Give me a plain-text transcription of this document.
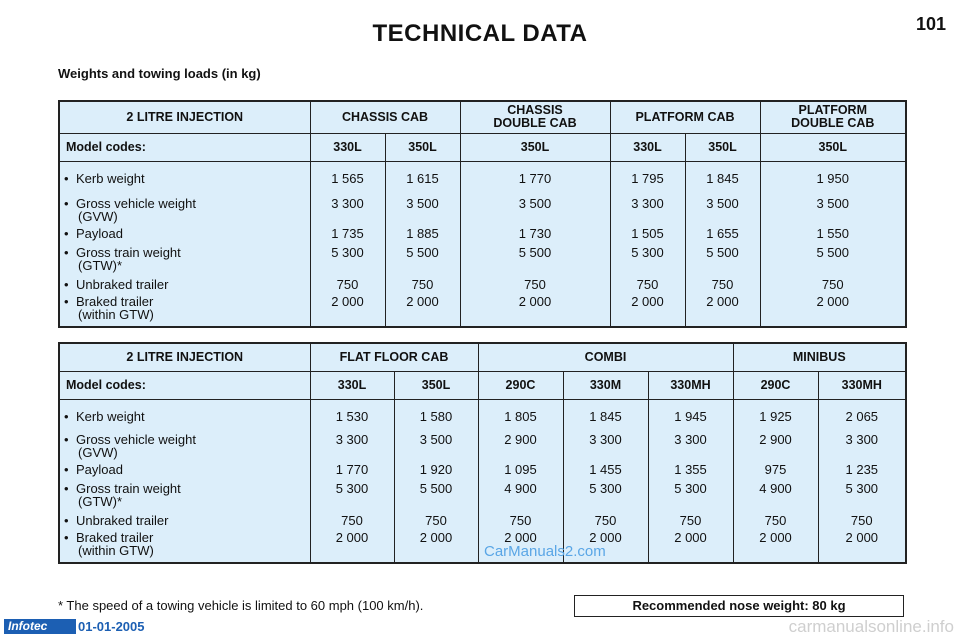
TECHNICAL DATA	101
Weights and towing loads (in kg)
2 LITRE INJECTION	CHASSIS CAB		CHASSIS DOUBLE CAB	PLATFORM CAB		PLATFORM DOUBLE CAB
Model codes:	330L	350L	350L	330L	350L	350L
• Kerb weight	1 565	1 615	1 770	1 795	1 845	1 950
• Gross vehicle weight
(GVW)	3 300	3 500	3 500	3 300	3 500	3 500
• Payload	1 735	1 885	1 730	1 505	1 655	1 550
• Gross train weight
(GTW)*	5 300	5 500	5 500	5 300	5 500	5 500
• Unbraked trailer	750	750	750	750	750	750
• Braked trailer
(within GTW)	2 000	2 000	2 000	2 000	2 000	2 000
2 LITRE INJECTION	FLAT FLOOR CAB		COMBI			MINIBUS	
Model codes:	330L	350L	290C	330M	330MH	290C	330MH
• Kerb weight	1 530	1 580	1 805	1 845	1 945	1 925	2 065
• Gross vehicle weight
(GVW)	3 300	3 500	2 900	3 300	3 300	2 900	3 300
• Payload	1 770	1 920	1 095	1 455	1 355	975	1 235
• Gross train weight
(GTW)*	5 300	5 500	4 900	5 300	5 300	4 900	5 300
• Unbraked trailer	750	750	750	750	750	750	750
• Braked trailer
(within GTW)	2 000	2 000	2 000	2 000	2 000	2 000	2 000
CarManuals2.com
* The speed of a towing vehicle is limited to 60 mph (100 km/h).	Recommended nose weight: 80 kg
Infotec	01-01-2005	carmanualsonline.info
